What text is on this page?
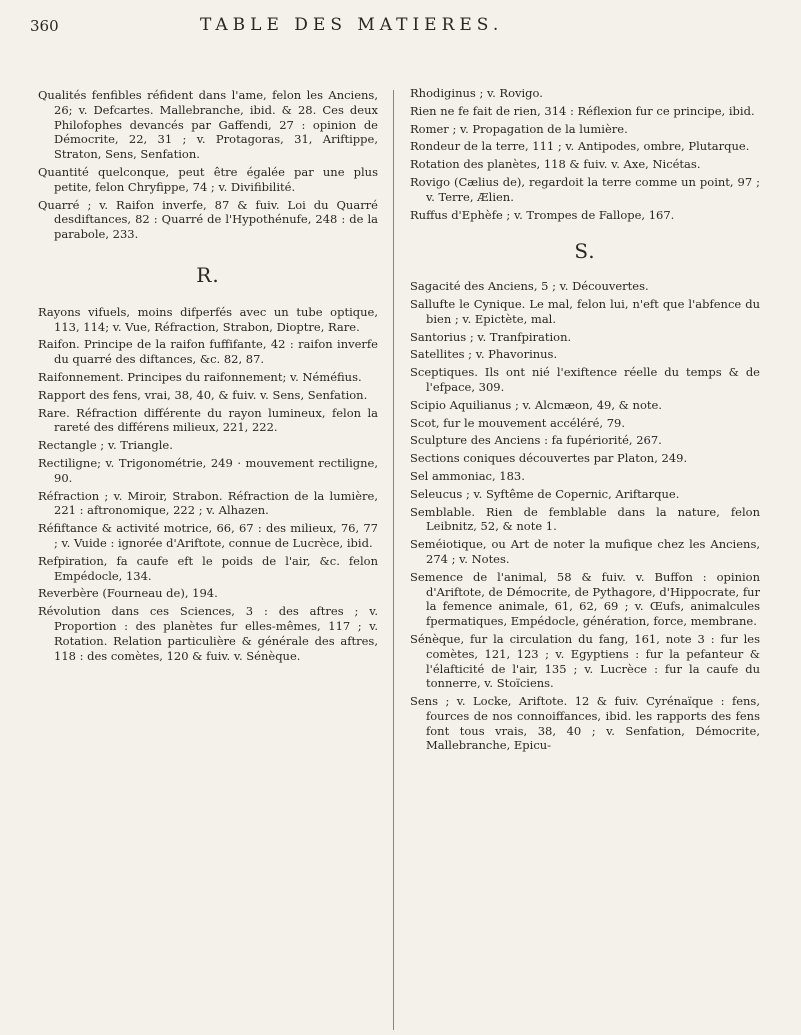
360	TABLE DES MATIERES.

Qualités fenfibles réfident dans l'ame, felon les Anciens, 26; v. Defcartes. Mallebranche, ibid. & 28. Ces deux Philofophes devancés par Gaffendi, 27 : opinion de Démocrite, 22, 31 ; v. Protagoras, 31, Ariftippe, Straton, Sens, Senfation.

Quantité quelconque, peut être égalée par une plus petite, felon Chryfippe, 74 ; v. Divifibilité.

Quarré ; v. Raifon inverfe, 87 & fuiv. Loi du Quarré desdiftances, 82 : Quarré de l'Hypothénufe, 248 : de la parabole, 233.

R.

Rayons vifuels, moins difperfés avec un tube optique, 113, 114; v. Vue, Réfraction, Strabon, Dioptre, Rare.

Raifon. Principe de la raifon fuffifante, 42 : raifon inverfe du quarré des diftances, &c. 82, 87.

Raifonnement. Principes du raifonnement; v. Néméfius.

Rapport des fens, vrai, 38, 40, & fuiv. v. Sens, Senfation.

Rare. Réfraction différente du rayon lumineux, felon la rareté des différens milieux, 221, 222.

Rectangle ; v. Triangle.

Rectiligne; v. Trigonométrie, 249 · mouvement rectiligne, 90.

Réfraction ; v. Miroir, Strabon. Réfraction de la lumière, 221 : aftronomique, 222 ; v. Alhazen.

Réfiftance & activité motrice, 66, 67 : des milieux, 76, 77 ; v. Vuide : ignorée d'Ariftote, connue de Lucrèce, ibid.

Refpiration, fa caufe eft le poids de l'air, &c. felon Empédocle, 134.

Reverbère (Fourneau de), 194.

Révolution dans ces Sciences, 3 : des aftres ; v. Proportion : des planètes fur elles-mêmes, 117 ; v. Rotation. Relation particulière & générale des aftres, 118 : des comètes, 120 & fuiv. v. Sénèque.

Rhodiginus ; v. Rovigo.

Rien ne fe fait de rien, 314 : Réflexion fur ce principe, ibid.

Romer ; v. Propagation de la lumière.

Rondeur de la terre, 111 ; v. Antipodes, ombre, Plutarque.

Rotation des planètes, 118 & fuiv. v. Axe, Nicétas.

Rovigo (Cælius de), regardoit la terre comme un point, 97 ; v. Terre, Ælien.

Ruffus d'Ephèfe ; v. Trompes de Fallope, 167.

S.

Sagacité des Anciens, 5 ; v. Découvertes.

Sallufte le Cynique. Le mal, felon lui, n'eft que l'abfence du bien ; v. Epictète, mal.

Santorius ; v. Tranfpiration.

Satellites ; v. Phavorinus.

Sceptiques. Ils ont nié l'exiftence réelle du temps & de l'efpace, 309.

Scipio Aquilianus ; v. Alcmæon, 49, & note.

Scot, fur le mouvement accéléré, 79.

Sculpture des Anciens : fa fupériorité, 267.

Sections coniques découvertes par Platon, 249.

Sel ammoniac, 183.

Seleucus ; v. Syftême de Copernic, Ariftarque.

Semblable. Rien de femblable dans la nature, felon Leibnitz, 52, & note 1.

Seméiotique, ou Art de noter la mufique chez les Anciens, 274 ; v. Notes.

Semence de l'animal, 58 & fuiv. v. Buffon : opinion d'Ariftote, de Démocrite, de Pythagore, d'Hippocrate, fur la femence animale, 61, 62, 69 ; v. Œufs, animalcules fpermatiques, Empédocle, génération, force, membrane.

Sénèque, fur la circulation du fang, 161, note 3 : fur les comètes, 121, 123 ; v. Egyptiens : fur la pefanteur & l'élafticité de l'air, 135 ; v. Lucrèce : fur la caufe du tonnerre, v. Stoïciens.

Sens ; v. Locke, Ariftote. 12 & fuiv. Cyrénaïque : fens, fources de nos connoiffances, ibid. les rapports des fens font tous vrais, 38, 40 ; v. Senfation, Démocrite, Mallebranche, Epicu-
